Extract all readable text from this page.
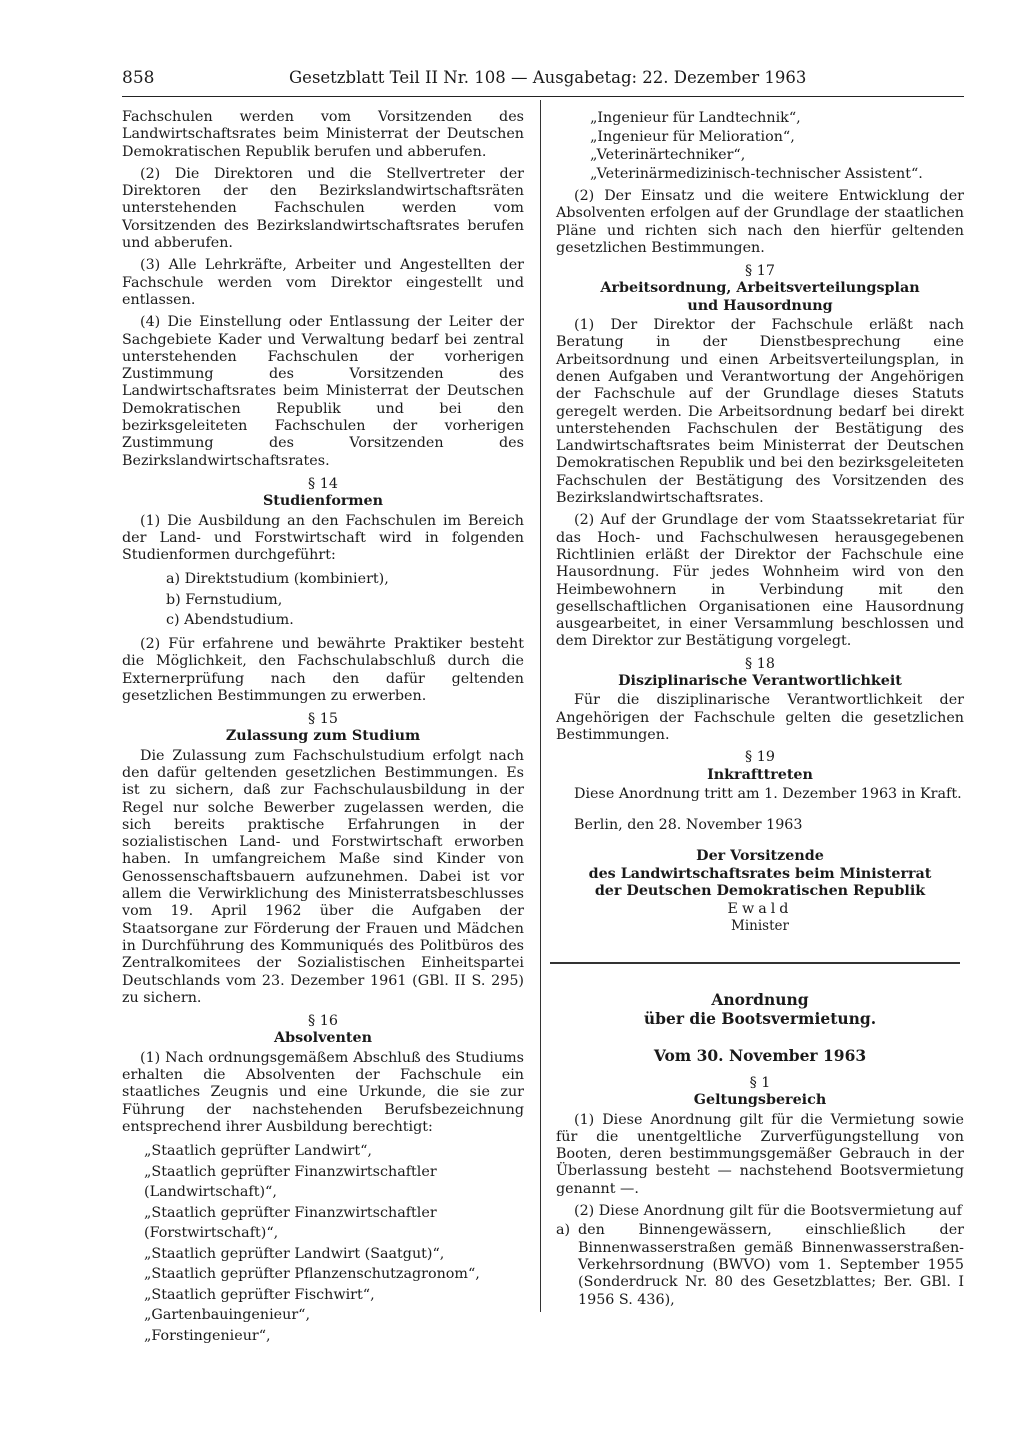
858	Gesetzblatt Teil II Nr. 108 — Ausgabetag: 22. Dezember 1963

Fachschulen werden vom Vorsitzenden des Landwirtschaftsrates beim Ministerrat der Deutschen Demokratischen Republik berufen und abberufen.

(2) Die Direktoren und die Stellvertreter der Direktoren der den Bezirkslandwirtschaftsräten unterstehenden Fachschulen werden vom Vorsitzenden des Bezirkslandwirtschaftsrates berufen und abberufen.

(3) Alle Lehrkräfte, Arbeiter und Angestellten der Fachschule werden vom Direktor eingestellt und entlassen.

(4) Die Einstellung oder Entlassung der Leiter der Sachgebiete Kader und Verwaltung bedarf bei zentral unterstehenden Fachschulen der vorherigen Zustimmung des Vorsitzenden des Landwirtschaftsrates beim Ministerrat der Deutschen Demokratischen Republik und bei den bezirksgeleiteten Fachschulen der vorherigen Zustimmung des Vorsitzenden des Bezirkslandwirtschaftsrates.

§ 14
Studienformen

(1) Die Ausbildung an den Fachschulen im Bereich der Land- und Forstwirtschaft wird in folgenden Studienformen durchgeführt:

a) Direktstudium (kombiniert),
b) Fernstudium,
c) Abendstudium.

(2) Für erfahrene und bewährte Praktiker besteht die Möglichkeit, den Fachschulabschluß durch die Externerprüfung nach den dafür geltenden gesetzlichen Bestimmungen zu erwerben.

§ 15
Zulassung zum Studium

Die Zulassung zum Fachschulstudium erfolgt nach den dafür geltenden gesetzlichen Bestimmungen. Es ist zu sichern, daß zur Fachschulausbildung in der Regel nur solche Bewerber zugelassen werden, die sich bereits praktische Erfahrungen in der sozialistischen Land- und Forstwirtschaft erworben haben. In umfangreichem Maße sind Kinder von Genossenschaftsbauern aufzunehmen. Dabei ist vor allem die Verwirklichung des Ministerratsbeschlusses vom 19. April 1962 über die Aufgaben der Staatsorgane zur Förderung der Frauen und Mädchen in Durchführung des Kommuniqués des Politbüros des Zentralkomitees der Sozialistischen Einheitspartei Deutschlands vom 23. Dezember 1961 (GBl. II S. 295) zu sichern.

§ 16
Absolventen

(1) Nach ordnungsgemäßem Abschluß des Studiums erhalten die Absolventen der Fachschule ein staatliches Zeugnis und eine Urkunde, die sie zur Führung der nachstehenden Berufsbezeichnung entsprechend ihrer Ausbildung berechtigt:

„Staatlich geprüfter Landwirt“,
„Staatlich geprüfter Finanzwirtschaftler (Landwirtschaft)“,
„Staatlich geprüfter Finanzwirtschaftler (Forstwirtschaft)“,
„Staatlich geprüfter Landwirt (Saatgut)“,
„Staatlich geprüfter Pflanzenschutzagronom“,
„Staatlich geprüfter Fischwirt“,
„Gartenbauingenieur“,
„Forstingenieur“,
„Ingenieur für Landtechnik“,
„Ingenieur für Melioration“,
„Veterinärtechniker“,
„Veterinärmedizinisch-technischer Assistent“.

(2) Der Einsatz und die weitere Entwicklung der Absolventen erfolgen auf der Grundlage der staatlichen Pläne und richten sich nach den hierfür geltenden gesetzlichen Bestimmungen.

§ 17
Arbeitsordnung, Arbeitsverteilungsplan
und Hausordnung

(1) Der Direktor der Fachschule erläßt nach Beratung in der Dienstbesprechung eine Arbeitsordnung und einen Arbeitsverteilungsplan, in denen Aufgaben und Verantwortung der Angehörigen der Fachschule auf der Grundlage dieses Statuts geregelt werden. Die Arbeitsordnung bedarf bei direkt unterstehenden Fachschulen der Bestätigung des Landwirtschaftsrates beim Ministerrat der Deutschen Demokratischen Republik und bei den bezirksgeleiteten Fachschulen der Bestätigung des Vorsitzenden des Bezirkslandwirtschaftsrates.

(2) Auf der Grundlage der vom Staatssekretariat für das Hoch- und Fachschulwesen herausgegebenen Richtlinien erläßt der Direktor der Fachschule eine Hausordnung. Für jedes Wohnheim wird von den Heimbewohnern in Verbindung mit den gesellschaftlichen Organisationen eine Hausordnung ausgearbeitet, in einer Versammlung beschlossen und dem Direktor zur Bestätigung vorgelegt.

§ 18
Disziplinarische Verantwortlichkeit

Für die disziplinarische Verantwortlichkeit der Angehörigen der Fachschule gelten die gesetzlichen Bestimmungen.

§ 19
Inkrafttreten

Diese Anordnung tritt am 1. Dezember 1963 in Kraft.

Berlin, den 28. November 1963

Der Vorsitzende

des Landwirtschaftsrates beim Ministerrat

der Deutschen Demokratischen Republik

Ewald

Minister

Anordnung

über die Bootsvermietung.

Vom 30. November 1963

§ 1
Geltungsbereich

(1) Diese Anordnung gilt für die Vermietung sowie für die unentgeltliche Zurverfügungstellung von Booten, deren bestimmungsgemäßer Gebrauch in der Überlassung besteht — nachstehend Bootsvermietung genannt —.

(2) Diese Anordnung gilt für die Bootsvermietung auf

a) den Binnengewässern, einschließlich der Binnenwasserstraßen gemäß Binnenwasserstraßen-Verkehrsordnung (BWVO) vom 1. September 1955 (Sonderdruck Nr. 80 des Gesetzblattes; Ber. GBl. I 1956 S. 436),
